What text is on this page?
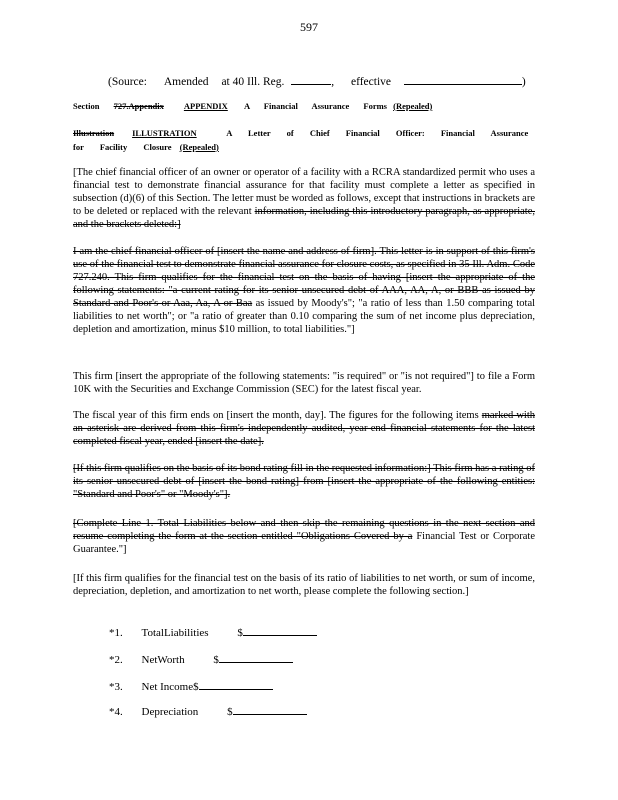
597
(Source: Amended at 40 Ill. Reg.	, effective	)
Section 727.Appendix APPENDIX A Financial Assurance Forms (Repealed)
Illustration ILLUSTRATION	A Letter of Chief Financial Officer: Financial Assurance
for Facility Closure (Repealed)

[The chief financial officer of an owner or operator of a facility with a RCRA standardized permit who uses a financial test to demonstrate financial assurance for that facility must complete a letter as specified in subsection (d)(6) of this Section. The letter must be worded as follows, except that instructions in brackets are to be deleted or replaced with the relevant information, including this introductory paragraph, as appropriate, and the brackets deleted:]

I am the chief financial officer of [insert the name and address of firm]. This letter is in support of this firm's use of the financial test to demonstrate financial assurance for closure costs, as specified in 35 Ill. Adm. Code 727.240. This firm qualifies for the financial test on the basis of having [insert the appropriate of the following statements: "a current rating for its senior unsecured debt of AAA, AA, A, or BBB as issued by Standard and Poor's or Aaa, Aa, A or Baa as issued by Moody's"; "a ratio of less than 1.50 comparing total liabilities to net worth"; or "a ratio of greater than 0.10 comparing the sum of net income plus depreciation, depletion and amortization, minus $10 million, to total liabilities."]

This firm [insert the appropriate of the following statements: "is required" or "is not required"] to file a Form 10K with the Securities and Exchange Commission (SEC) for the latest fiscal year.

The fiscal year of this firm ends on [insert the month, day]. The figures for the following items marked with an asterisk are derived from this firm's independently audited, year-end financial statements for the latest completed fiscal year, ended [insert the date].

[If this firm qualifies on the basis of its bond rating fill in the requested information:] This firm has a rating of its senior unsecured debt of [insert the bond rating] from [insert the appropriate of the following entities: "Standard and Poor's" or "Moody's"].

[Complete Line 1. Total Liabilities below and then skip the remaining questions in the next section and resume completing the form at the section entitled "Obligations Covered by a Financial Test or Corporate Guarantee."]

[If this firm qualifies for the financial test on the basis of its ratio of liabilities to net worth, or sum of income, depreciation, depletion, and amortization to net worth, please complete the following section.]

*1. TotalLiabilities	$
*2. NetWorth	$
*3. Net Income$
*4. Depreciation	$
